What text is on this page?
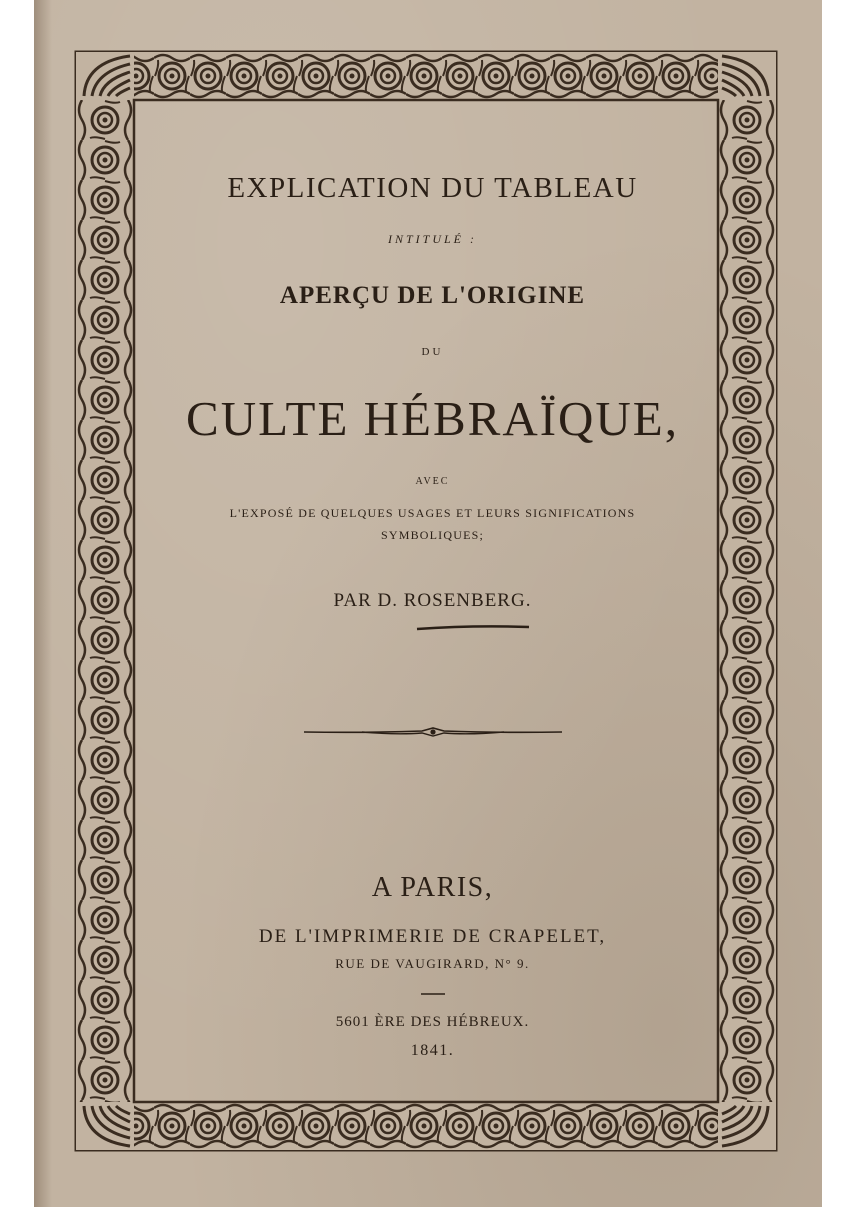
EXPLICATION DU TABLEAU
INTITULÉ :
APERÇU DE L'ORIGINE
DU
CULTE HÉBRAÏQUE,
AVEC
L'EXPOSÉ DE QUELQUES USAGES ET LEURS SIGNIFICATIONS
SYMBOLIQUES;
PAR D. ROSENBERG.
A PARIS,
DE L'IMPRIMERIE DE CRAPELET,
RUE DE VAUGIRARD, N° 9.
5601 ÈRE DES HÉBREUX.
1841.
